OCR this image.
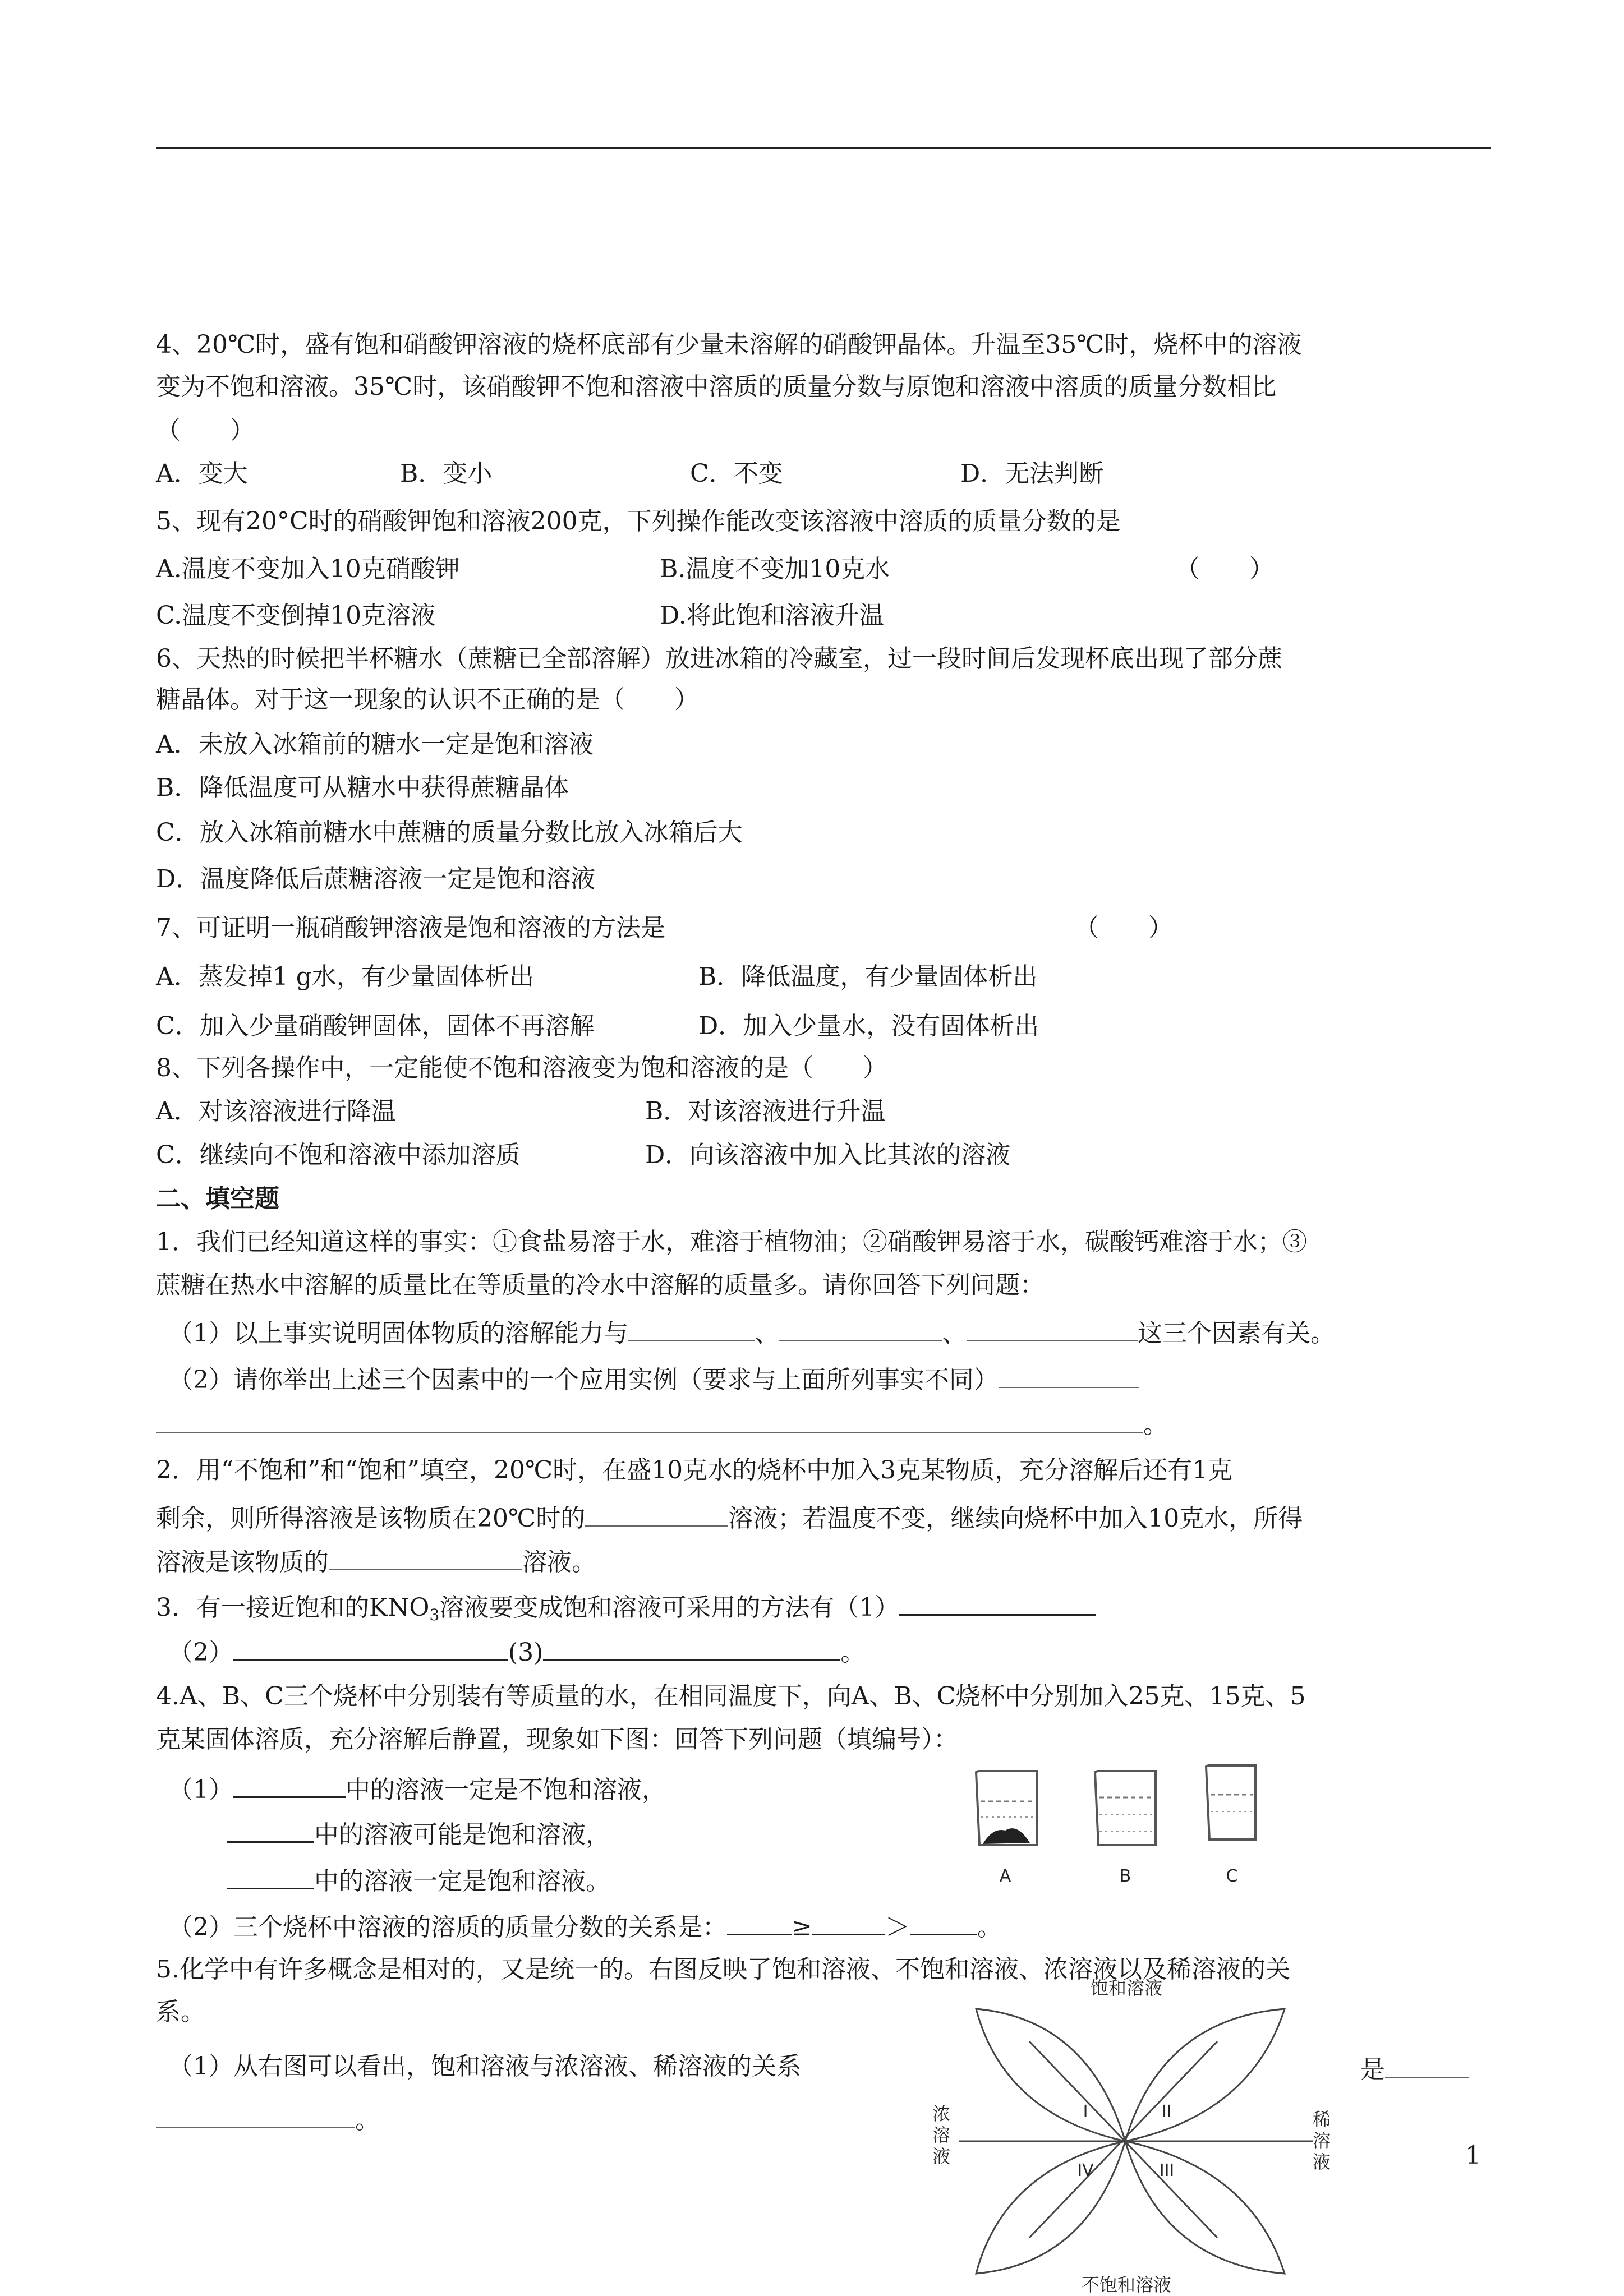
4、20℃时，盛有饱和硝酸钾溶液的烧杯底部有少量未溶解的硝酸钾晶体。升温至35℃时，烧杯中的溶液
变为不饱和溶液。35℃时，该硝酸钾不饱和溶液中溶质的质量分数与原饱和溶液中溶质的质量分数相比
（　　）
A．变大	B．变小	C．不变	D．无法判断
5、现有20°C时的硝酸钾饱和溶液200克，下列操作能改变该溶液中溶质的质量分数的是
A.温度不变加入10克硝酸钾	B.温度不变加10克水	（　　）
C.温度不变倒掉10克溶液	D.将此饱和溶液升温
6、天热的时候把半杯糖水（蔗糖已全部溶解）放进冰箱的冷藏室，过一段时间后发现杯底出现了部分蔗
糖晶体。对于这一现象的认识不正确的是（　　）
A．未放入冰箱前的糖水一定是饱和溶液
B．降低温度可从糖水中获得蔗糖晶体
C．放入冰箱前糖水中蔗糖的质量分数比放入冰箱后大
D．温度降低后蔗糖溶液一定是饱和溶液
7、可证明一瓶硝酸钾溶液是饱和溶液的方法是	（　　）
A．蒸发掉1 g水，有少量固体析出	B．降低温度，有少量固体析出
C．加入少量硝酸钾固体，固体不再溶解	D．加入少量水，没有固体析出
8、下列各操作中，一定能使不饱和溶液变为饱和溶液的是（　　）
A．对该溶液进行降温	B．对该溶液进行升温
C．继续向不饱和溶液中添加溶质	D．向该溶液中加入比其浓的溶液
二、填空题
1．我们已经知道这样的事实：①食盐易溶于水，难溶于植物油；②硝酸钾易溶于水，碳酸钙难溶于水；③
蔗糖在热水中溶解的质量比在等质量的冷水中溶解的质量多。请你回答下列问题：
（1）以上事实说明固体物质的溶解能力与	、	、	这三个因素有关。
（2）请你举出上述三个因素中的一个应用实例（要求与上面所列事实不同）
。
2．用“不饱和”和“饱和”填空，20℃时，在盛10克水的烧杯中加入3克某物质，充分溶解后还有1克
剩余，则所得溶液是该物质在20℃时的	溶液；若温度不变，继续向烧杯中加入10克水，所得
溶液是该物质的	溶液。
3．有一接近饱和的$KNO_3$溶液要变成饱和溶液可采用的方法有（1）
（2）	(3)	。
4.A、B、C三个烧杯中分别装有等质量的水，在相同温度下，向A、B、C烧杯中分别加入25克、15克、5
克某固体溶质，充分溶解后静置，现象如下图：回答下列问题（填编号）：
（1）	中的溶液一定是不饱和溶液，
中的溶液可能是饱和溶液，
中的溶液一定是饱和溶液。
（2）三个烧杯中溶液的溶质的质量分数的关系是：	≥	＞	。
A	B	C
5.化学中有许多概念是相对的，又是统一的。右图反映了饱和溶液、不饱和溶液、浓溶液以及稀溶液的关
系。
（1）从右图可以看出，饱和溶液与浓溶液、稀溶液的关系	是
。
饱和溶液
不饱和溶液
I	II
III
IV
浓
溶
液
稀
溶
液	1
